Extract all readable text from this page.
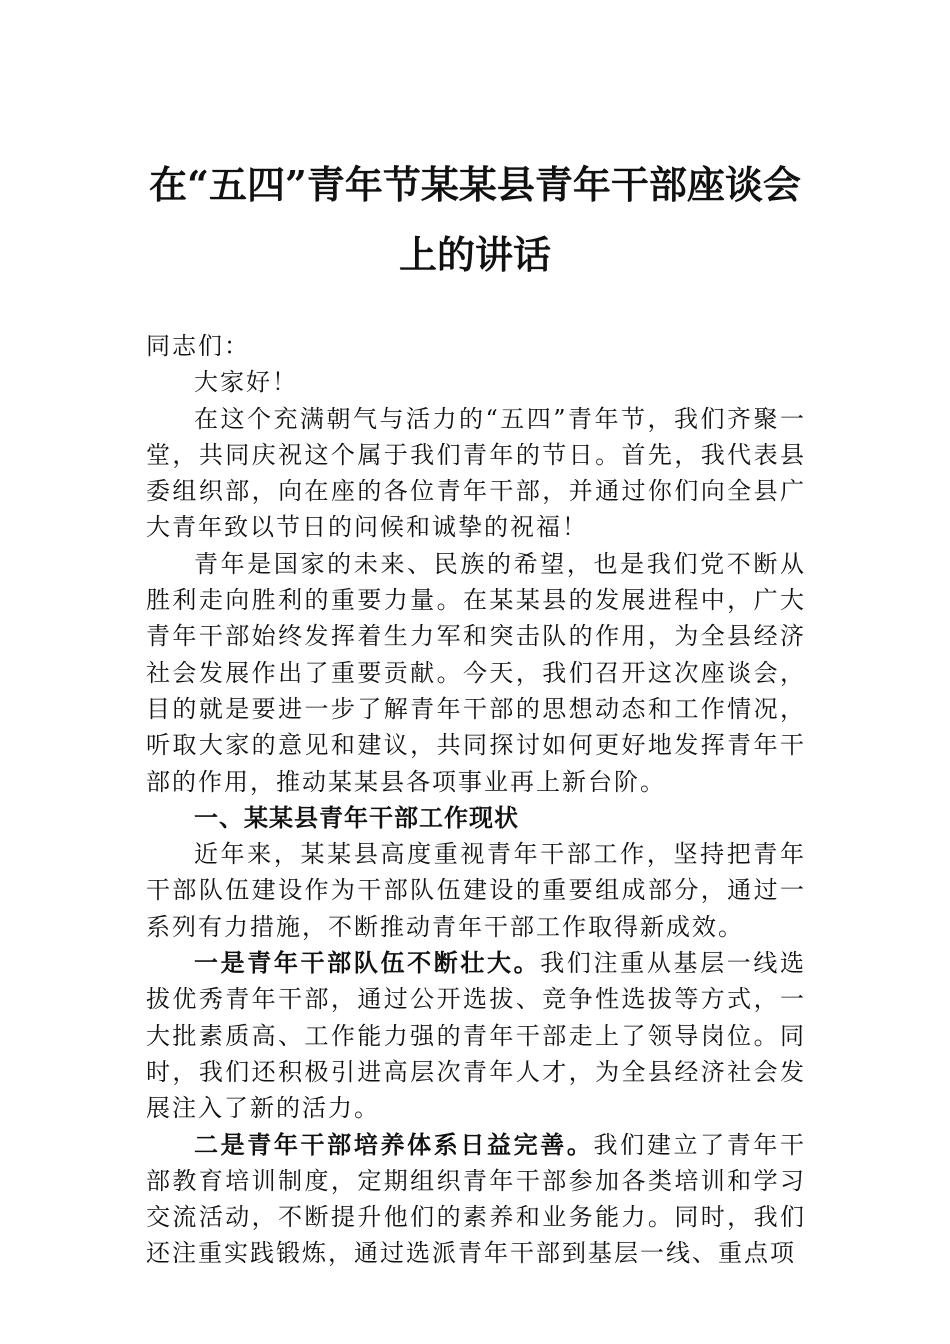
在“五四”青年节某某县青年干部座谈会
上的讲话

同志们：

大家好！

在这个充满朝气与活力的“五四”青年节，我们齐聚一堂，共同庆祝这个属于我们青年的节日。首先，我代表县委组织部，向在座的各位青年干部，并通过你们向全县广大青年致以节日的问候和诚挚的祝福！

青年是国家的未来、民族的希望，也是我们党不断从胜利走向胜利的重要力量。在某某县的发展进程中，广大青年干部始终发挥着生力军和突击队的作用，为全县经济社会发展作出了重要贡献。今天，我们召开这次座谈会，目的就是要进一步了解青年干部的思想动态和工作情况，听取大家的意见和建议，共同探讨如何更好地发挥青年干部的作用，推动某某县各项事业再上新台阶。

一、某某县青年干部工作现状

近年来，某某县高度重视青年干部工作，坚持把青年干部队伍建设作为干部队伍建设的重要组成部分，通过一系列有力措施，不断推动青年干部工作取得新成效。

一是青年干部队伍不断壮大。我们注重从基层一线选拔优秀青年干部，通过公开选拔、竞争性选拔等方式，一大批素质高、工作能力强的青年干部走上了领导岗位。同时，我们还积极引进高层次青年人才，为全县经济社会发展注入了新的活力。

二是青年干部培养体系日益完善。我们建立了青年干部教育培训制度，定期组织青年干部参加各类培训和学习交流活动，不断提升他们的素养和业务能力。同时，我们还注重实践锻炼，通过选派青年干部到基层一线、重点项
